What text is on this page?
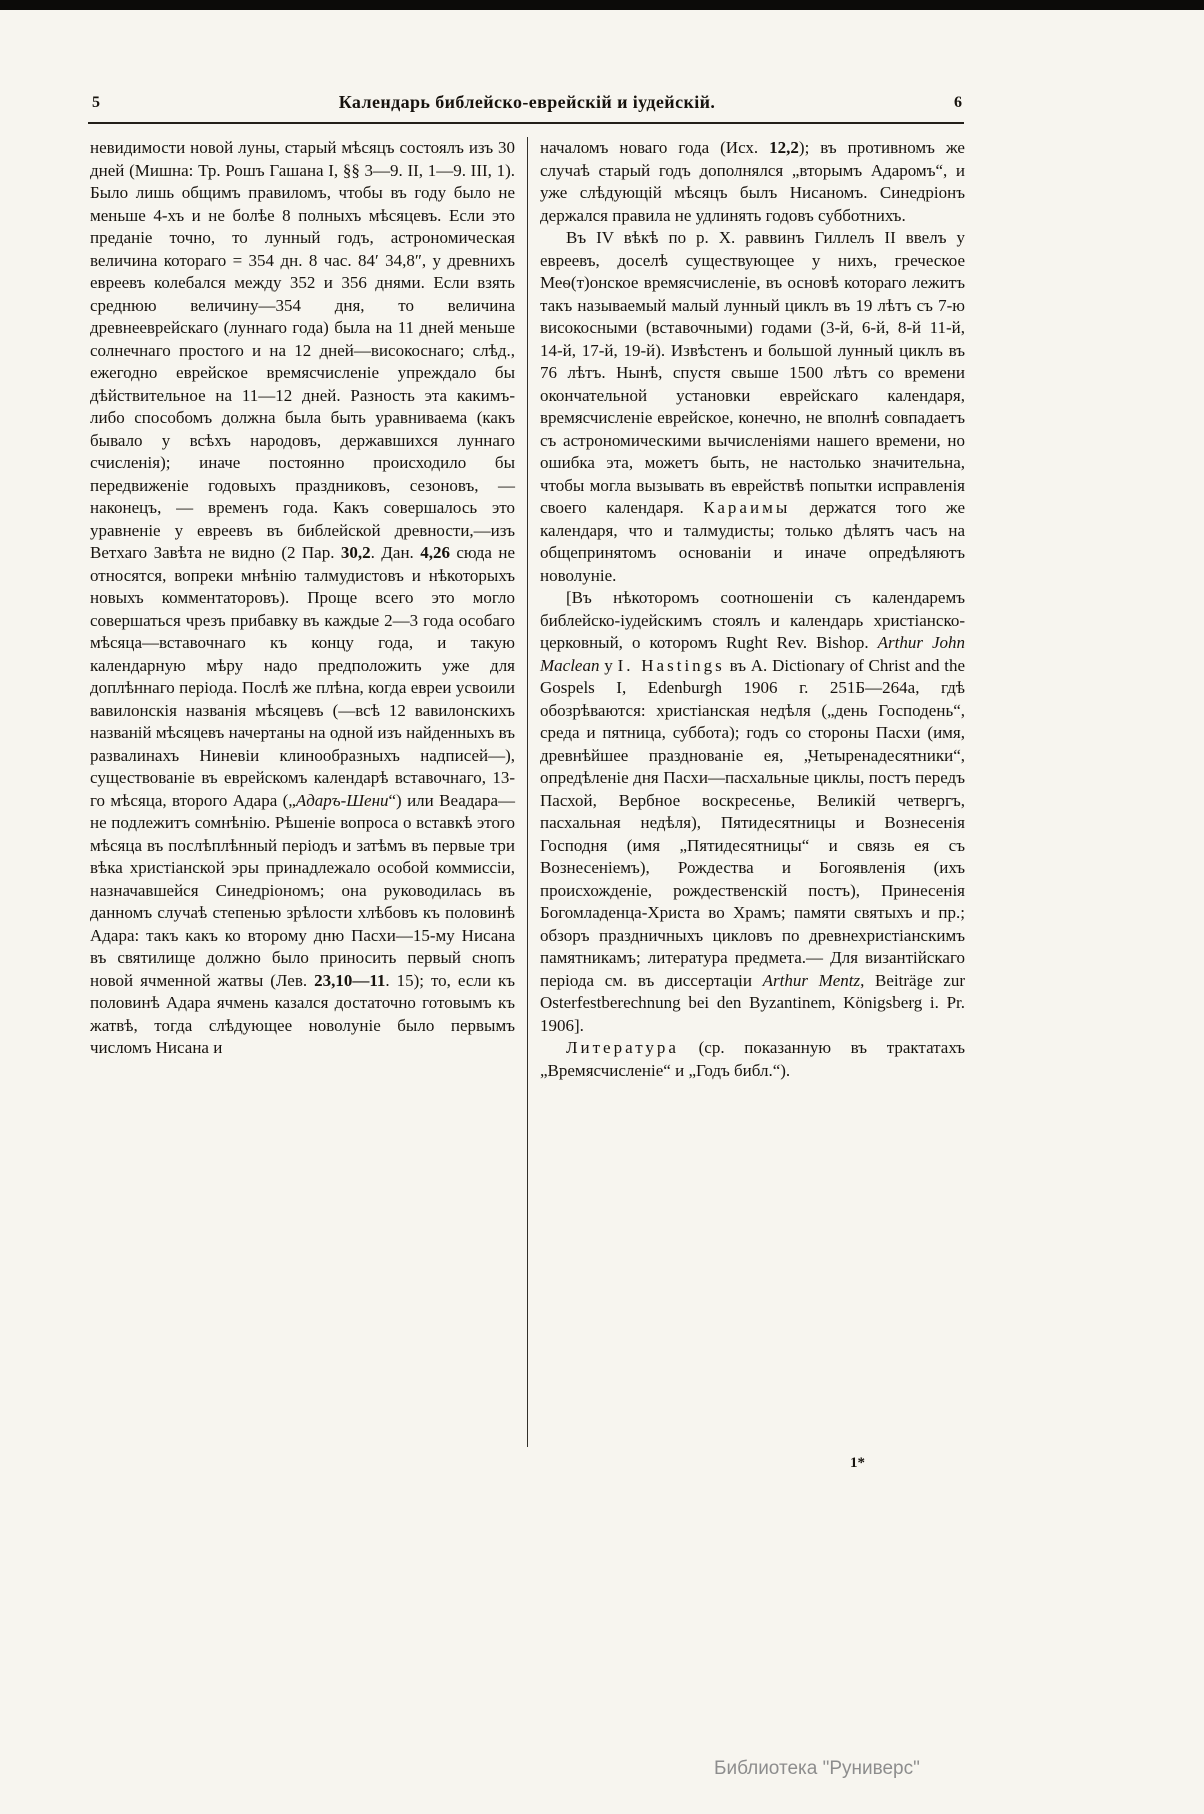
5	Календарь библейско-еврейскій и іудейскій.	6

невидимости новой луны, старый мѣсяцъ состоялъ изъ 30 дней (Мишна: Тр. Рошъ Гашана I, §§ 3—9. II, 1—9. III, 1). Было лишь общимъ правиломъ, чтобы въ году было не меньше 4-хъ и не болѣе 8 полныхъ мѣсяцевъ. Если это преданіе точно, то лунный годъ, астрономическая величина котораго = 354 дн. 8 час. 84′ 34,8″, у древнихъ евреевъ колебался между 352 и 356 днями. Если взять среднюю величину—354 дня, то величина древнееврейскаго (луннаго года) была на 11 дней меньше солнечнаго простого и на 12 дней—високоснаго; слѣд., ежегодно еврейское времясчисленіе упреждало бы дѣйствительное на 11—12 дней. Разность эта какимъ-либо способомъ должна была быть уравниваема (какъ бывало у всѣхъ народовъ, державшихся луннаго счисленія); иначе постоянно происходило бы передвиженіе годовыхъ праздниковъ, сезоновъ, — наконецъ, — временъ года. Какъ совершалось это уравненіе у евреевъ въ библейской древности,—изъ Ветхаго Завѣта не видно (2 Пар. 30,2. Дан. 4,26 сюда не относятся, вопреки мнѣнію талмудистовъ и нѣкоторыхъ новыхъ комментаторовъ). Проще всего это могло совершаться чрезъ прибавку въ каждые 2—3 года особаго мѣсяца—вставочнаго къ концу года, и такую календарную мѣру надо предположить уже для доплѣннаго періода. Послѣ же плѣна, когда евреи усвоили вавилонскія названія мѣсяцевъ (—всѣ 12 вавилонскихъ названій мѣсяцевъ начертаны на одной изъ найденныхъ въ развалинахъ Ниневіи клинообразныхъ надписей—), существованіе въ еврейскомъ календарѣ вставочнаго, 13-го мѣсяца, второго Адара („Адаръ-Шени“) или Веадара—не подлежитъ сомнѣнію. Рѣшеніе вопроса о вставкѣ этого мѣсяца въ послѣплѣнный періодъ и затѣмъ въ первые три вѣка христіанской эры принадлежало особой коммиссіи, назначавшейся Синедріономъ; она руководилась въ данномъ случаѣ степенью зрѣлости хлѣбовъ къ половинѣ Адара: такъ какъ ко второму дню Пасхи—15-му Нисана въ святилище должно было приносить первый снопъ новой ячменной жатвы (Лев. 23,10—11. 15); то, если къ половинѣ Адара ячмень казался достаточно готовымъ къ жатвѣ, тогда слѣдующее новолуніе было первымъ числомъ Нисана и

началомъ новаго года (Исх. 12,2); въ противномъ же случаѣ старый годъ дополнялся „вторымъ Адаромъ“, и уже слѣдующій мѣсяцъ былъ Нисаномъ. Синедріонъ держался правила не удлинять годовъ субботнихъ.

Въ IV вѣкѣ по р. Х. раввинъ Гиллелъ II ввелъ у евреевъ, доселѣ существующее у нихъ, греческое Меѳ(т)онское времясчисленіе, въ основѣ котораго лежитъ такъ называемый малый лунный циклъ въ 19 лѣтъ съ 7-ю високосными (вставочными) годами (3-й, 6-й, 8-й 11-й, 14-й, 17-й, 19-й). Извѣстенъ и большой лунный циклъ въ 76 лѣтъ. Нынѣ, спустя свыше 1500 лѣтъ со времени окончательной установки еврейскаго календаря, времясчисленіе еврейское, конечно, не вполнѣ совпадаетъ съ астрономическими вычисленіями нашего времени, но ошибка эта, можетъ быть, не настолько значительна, чтобы могла вызывать въ еврействѣ попытки исправленія своего календаря. Караимы держатся того же календаря, что и талмудисты; только дѣлятъ часъ на общепринятомъ основаніи и иначе опредѣляютъ новолуніе.

[Въ нѣкоторомъ соотношеніи съ календаремъ библейско-іудейскимъ стоялъ и календарь христіанско-церковный, о которомъ Rught Rev. Bishop. Arthur John Maclean у I. Hastings въ A. Dictionary of Christ and the Gospels I, Edenburgh 1906 г. 251Б—264а, гдѣ обозрѣваются: христіанская недѣля („день Господень“, среда и пятница, суббота); годъ со стороны Пасхи (имя, древнѣйшее празднованіе ея, „Четыренадесятники“, опредѣленіе дня Пасхи—пасхальные циклы, постъ передъ Пасхой, Вербное воскресенье, Великій четвергъ, пасхальная недѣля), Пятидесятницы и Вознесенія Господня (имя „Пятидесятницы“ и связь ея съ Вознесеніемъ), Рождества и Богоявленія (ихъ происхожденіе, рождественскій постъ), Принесенія Богомладенца-Христа во Храмъ; памяти святыхъ и пр.; обзоръ праздничныхъ цикловъ по древнехристіанскимъ памятникамъ; литература предмета.— Для византійскаго періода см. въ диссертаціи Arthur Mentz, Beiträge zur Osterfestberechnung bei den Byzantinem, Königsberg i. Pr. 1906].

Литература (ср. показанную въ трактатахъ „Времясчисленіе“ и „Годъ библ.“).

1*
Библиотека "Руниверс"
